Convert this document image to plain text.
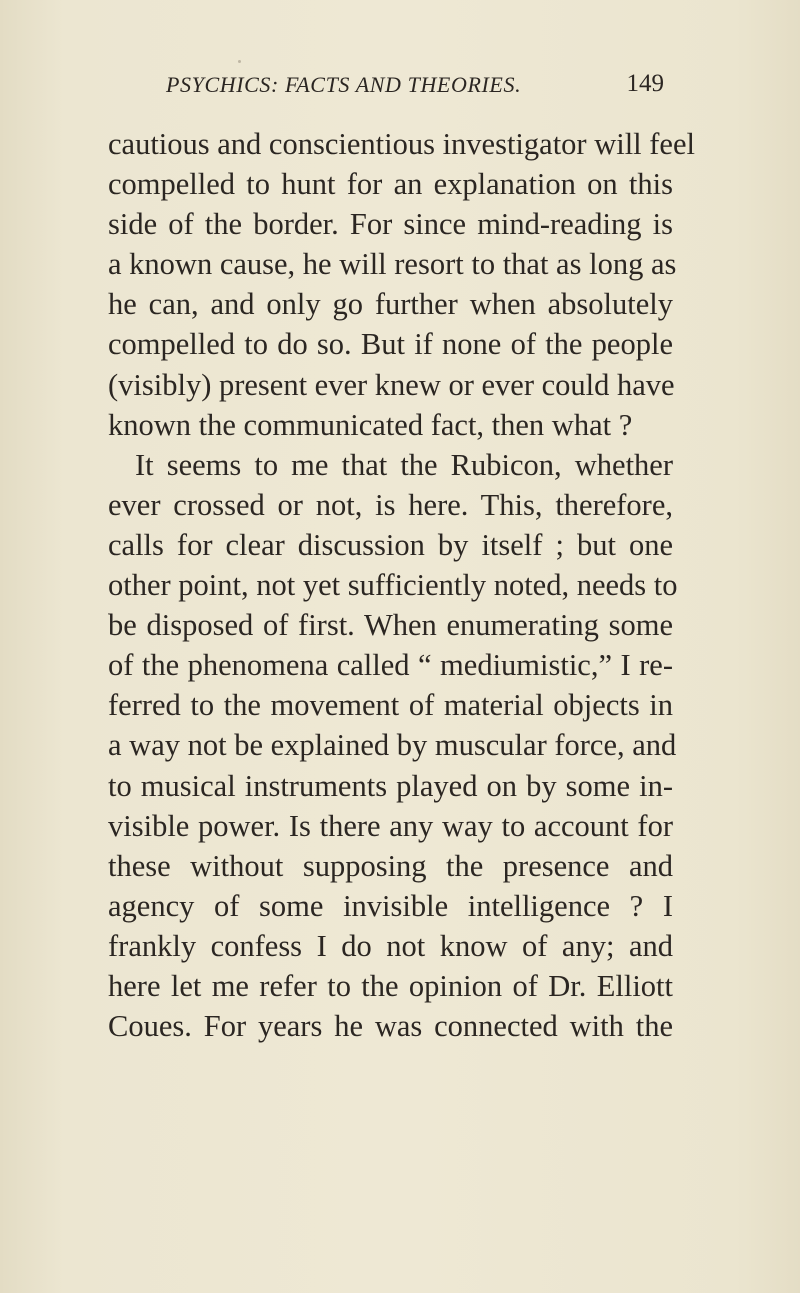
PSYCHICS: FACTS AND THEORIES.	149
cautious and conscientious investigator will feel
compelled to hunt for an explanation on this
side of the border. For since mind-reading is
a known cause, he will resort to that as long as
he can, and only go further when absolutely
compelled to do so. But if none of the people
(visibly) present ever knew or ever could have
known the communicated fact, then what ?
It seems to me that the Rubicon, whether
ever crossed or not, is here. This, therefore,
calls for clear discussion by itself ; but one
other point, not yet sufficiently noted, needs to
be disposed of first. When enumerating some
of the phenomena called “ mediumistic,” I re-
ferred to the movement of material objects in
a way not be explained by muscular force, and
to musical instruments played on by some in-
visible power. Is there any way to account for
these without supposing the presence and
agency of some invisible intelligence ? I
frankly confess I do not know of any; and
here let me refer to the opinion of Dr. Elliott
Coues. For years he was connected with the
